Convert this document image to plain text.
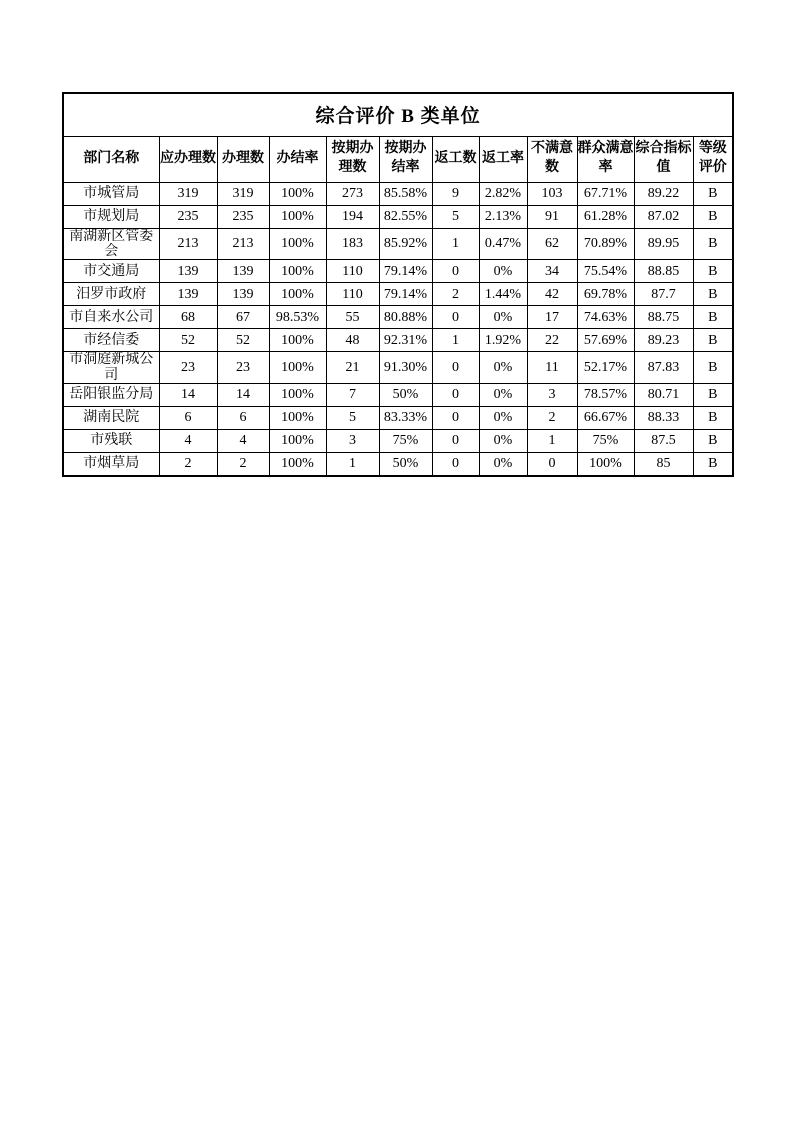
综合评价 B 类单位											
部门名称	应办理数	办理数	办结率	按期办理数	按期办结率	返工数	返工率	不满意数	群众满意率	综合指标值	等级评价
市城管局	319	319	100%	273	85.58%	9	2.82%	103	67.71%	89.22	B
市规划局	235	235	100%	194	82.55%	5	2.13%	91	61.28%	87.02	B
南湖新区管委会	213	213	100%	183	85.92%	1	0.47%	62	70.89%	89.95	B
市交通局	139	139	100%	110	79.14%	0	0%	34	75.54%	88.85	B
汨罗市政府	139	139	100%	110	79.14%	2	1.44%	42	69.78%	87.7	B
市自来水公司	68	67	98.53%	55	80.88%	0	0%	17	74.63%	88.75	B
市经信委	52	52	100%	48	92.31%	1	1.92%	22	57.69%	89.23	B
市洞庭新城公司	23	23	100%	21	91.30%	0	0%	11	52.17%	87.83	B
岳阳银监分局	14	14	100%	7	50%	0	0%	3	78.57%	80.71	B
湖南民院	6	6	100%	5	83.33%	0	0%	2	66.67%	88.33	B
市残联	4	4	100%	3	75%	0	0%	1	75%	87.5	B
市烟草局	2	2	100%	1	50%	0	0%	0	100%	85	B
